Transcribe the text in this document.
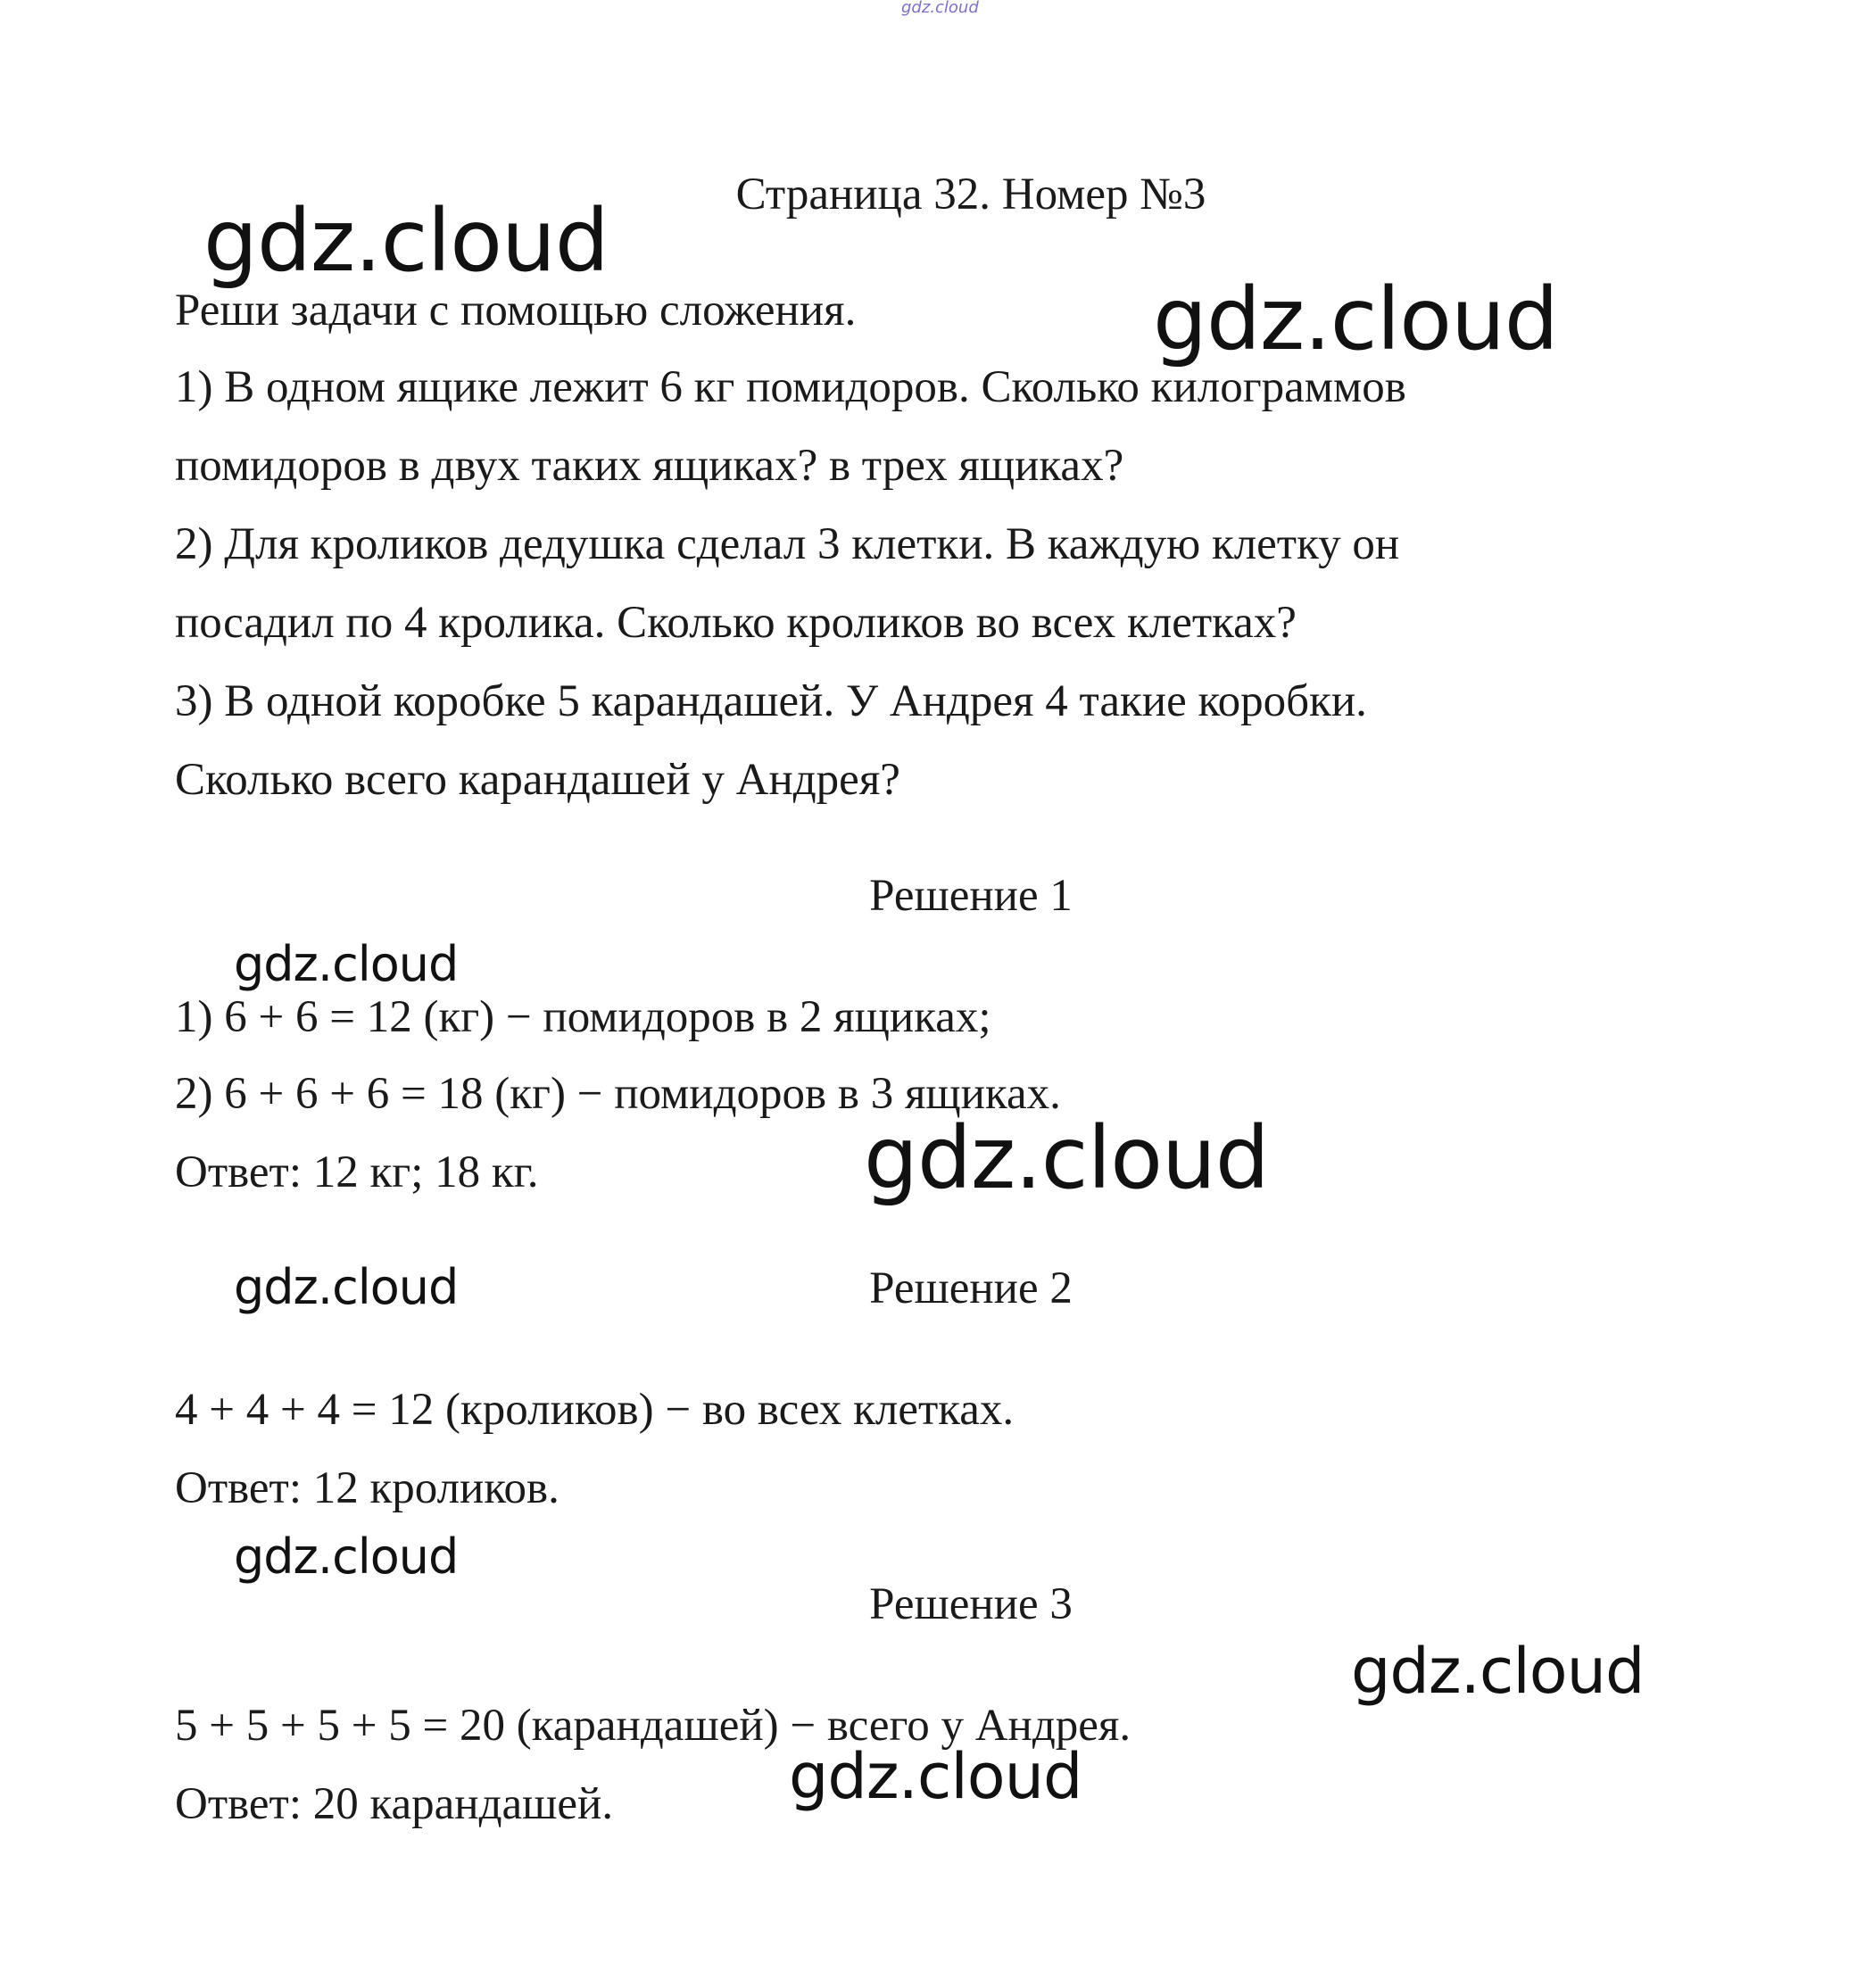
gdz.cloud
Страница 32. Номер №3
Реши задачи с помощью сложения.
1) В одном ящике лежит 6 кг помидоров. Сколько килограммов
помидоров в двух таких ящиках? в трех ящиках?
2) Для кроликов дедушка сделал 3 клетки. В каждую клетку он
посадил по 4 кролика. Сколько кроликов во всех клетках?
3) В одной коробке 5 карандашей. У Андрея 4 такие коробки.
Сколько всего карандашей у Андрея?
Решение 1
1) 6 + 6 = 12 (кг) − помидоров в 2 ящиках;
2) 6 + 6 + 6 = 18 (кг) − помидоров в 3 ящиках.
Ответ: 12 кг; 18 кг.
Решение 2
4 + 4 + 4 = 12 (кроликов) − во всех клетках.
Ответ: 12 кроликов.
Решение 3
5 + 5 + 5 + 5 = 20 (карандашей) − всего у Андрея.
Ответ: 20 карандашей.
gdz.cloud
gdz.cloud
gdz.cloud
gdz.cloud
gdz.cloud
gdz.cloud
gdz.cloud
gdz.cloud
